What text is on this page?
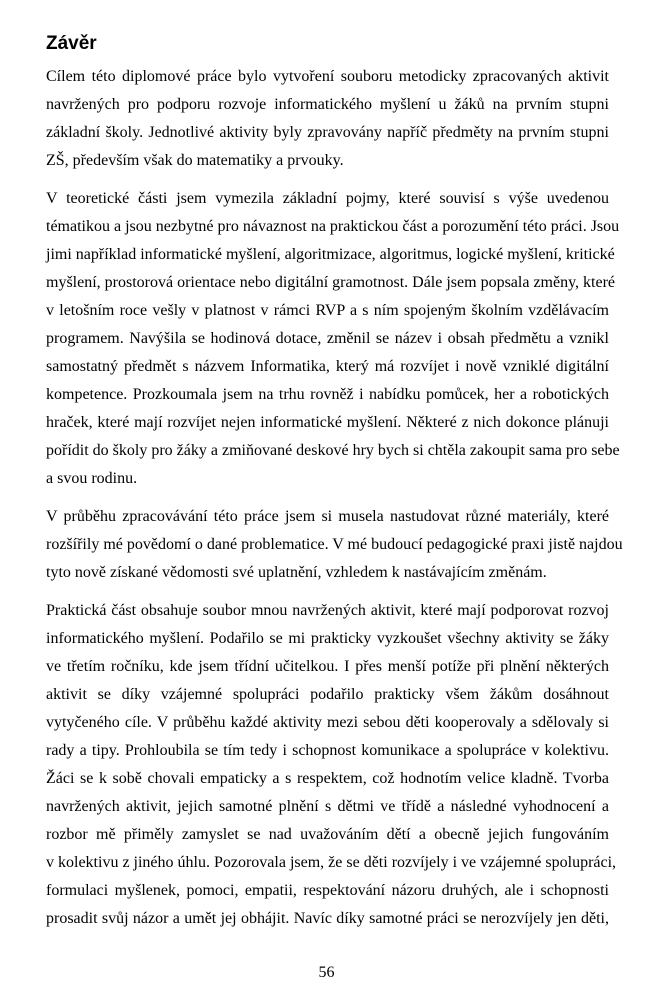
Závěr

Cílem této diplomové práce bylo vytvoření souboru metodicky zpracovaných aktivit
navržených pro podporu rozvoje informatického myšlení u žáků na prvním stupni
základní školy. Jednotlivé aktivity byly zpravovány napříč předměty na prvním stupni
ZŠ, především však do matematiky a prvouky.

V teoretické části jsem vymezila základní pojmy, které souvisí s výše uvedenou
tématikou a jsou nezbytné pro návaznost na praktickou část a porozumění této práci. Jsou
jimi například informatické myšlení, algoritmizace, algoritmus, logické myšlení, kritické
myšlení, prostorová orientace nebo digitální gramotnost. Dále jsem popsala změny, které
v letošním roce vešly v platnost v rámci RVP a s ním spojeným školním vzdělávacím
programem. Navýšila se hodinová dotace, změnil se název i obsah předmětu a vznikl
samostatný předmět s názvem Informatika, který má rozvíjet i nově vzniklé digitální
kompetence. Prozkoumala jsem na trhu rovněž i nabídku pomůcek, her a robotických
hraček, které mají rozvíjet nejen informatické myšlení. Některé z nich dokonce plánuji
pořídit do školy pro žáky a zmiňované deskové hry bych si chtěla zakoupit sama pro sebe
a svou rodinu.

V průběhu zpracovávání této práce jsem si musela nastudovat různé materiály, které
rozšířily mé povědomí o dané problematice. V mé budoucí pedagogické praxi jistě najdou
tyto nově získané vědomosti své uplatnění, vzhledem k nastávajícím změnám.

Praktická část obsahuje soubor mnou navržených aktivit, které mají podporovat rozvoj
informatického myšlení. Podařilo se mi prakticky vyzkoušet všechny aktivity se žáky
ve třetím ročníku, kde jsem třídní učitelkou. I přes menší potíže při plnění některých
aktivit se díky vzájemné spolupráci podařilo prakticky všem žákům dosáhnout
vytyčeného cíle. V průběhu každé aktivity mezi sebou děti kooperovaly a sdělovaly si
rady a tipy. Prohloubila se tím tedy i schopnost komunikace a spolupráce v kolektivu.
Žáci se k sobě chovali empaticky a s respektem, což hodnotím velice kladně. Tvorba
navržených aktivit, jejich samotné plnění s dětmi ve třídě a následné vyhodnocení a
rozbor mě přiměly zamyslet se nad uvažováním dětí a obecně jejich fungováním
v kolektivu z jiného úhlu. Pozorovala jsem, že se děti rozvíjely i ve vzájemné spolupráci,
formulaci myšlenek, pomoci, empatii, respektování názoru druhých, ale i schopnosti
prosadit svůj názor a umět jej obhájit. Navíc díky samotné práci se nerozvíjely jen děti,

56
